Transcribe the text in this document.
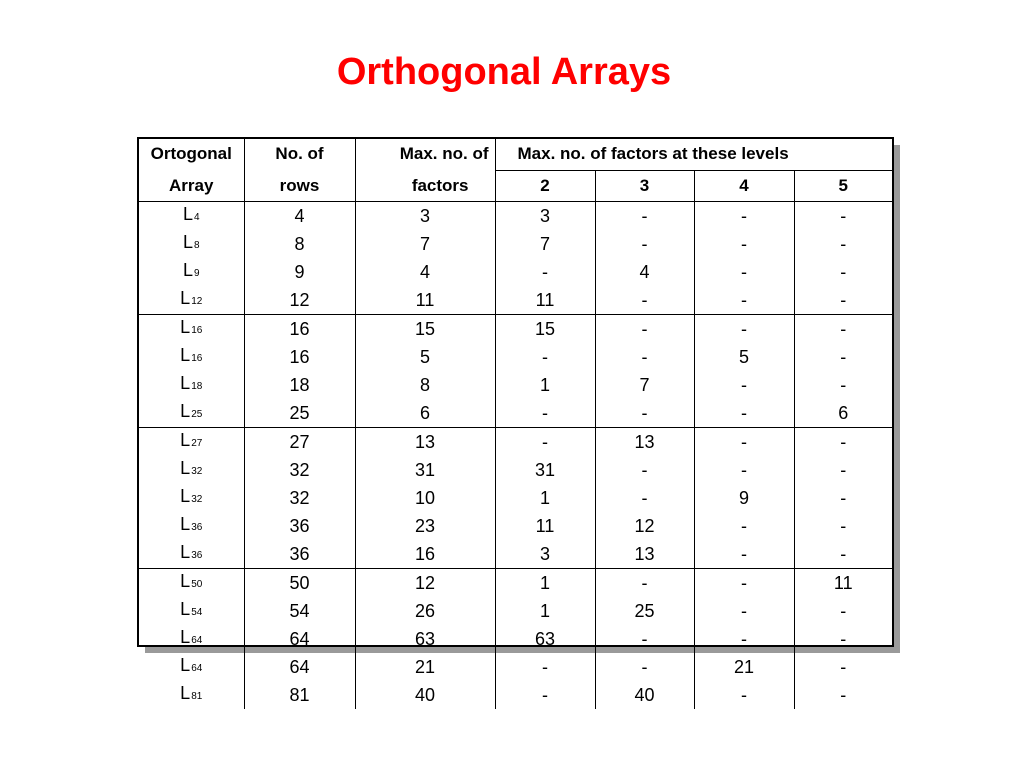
Orthogonal Arrays
Ortogonal	No. of	Max. no. of	Max. no. of factors at these levels			
Array	rows	factors	2	3	4	5
L4	4	3	3	-	-	-
L8	8	7	7	-	-	-
L9	9	4	-	4	-	-
L12	12	11	11	-	-	-
L16	16	15	15	-	-	-
L16	16	5	-	-	5	-
L18	18	8	1	7	-	-
L25	25	6	-	-	-	6
L27	27	13	-	13	-	-
L32	32	31	31	-	-	-
L32	32	10	1	-	9	-
L36	36	23	11	12	-	-
L36	36	16	3	13	-	-
L50	50	12	1	-	-	11
L54	54	26	1	25	-	-
L64	64	63	63	-	-	-
L64	64	21	-	-	21	-
L81	81	40	-	40	-	-
